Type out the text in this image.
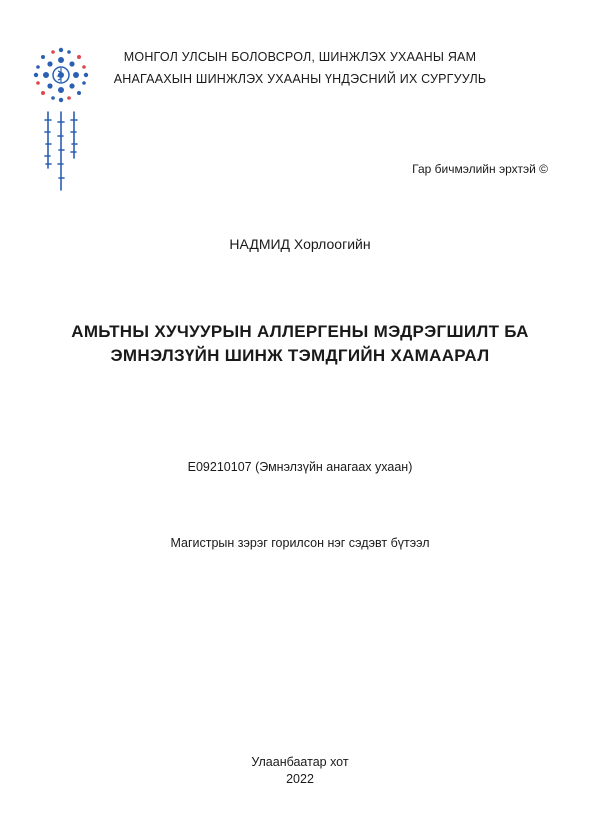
МОНГОЛ УЛСЫН БОЛОВСРОЛ, ШИНЖЛЭХ УХААНЫ ЯАМ
АНАГААХЫН ШИНЖЛЭХ УХААНЫ ҮНДЭСНИЙ ИХ СУРГУУЛЬ
Гар бичмэлийн эрхтэй ©
НАДМИД Хорлоогийн
АМЬТНЫ ХУЧУУРЫН АЛЛЕРГЕНЫ МЭДРЭГШИЛТ БА
ЭМНЭЛЗҮЙН ШИНЖ ТЭМДГИЙН ХАМААРАЛ
E09210107 (Эмнэлзүйн анагаах ухаан)
Магистрын зэрэг горилсон нэг сэдэвт бүтээл
Улаанбаатар хот
2022
